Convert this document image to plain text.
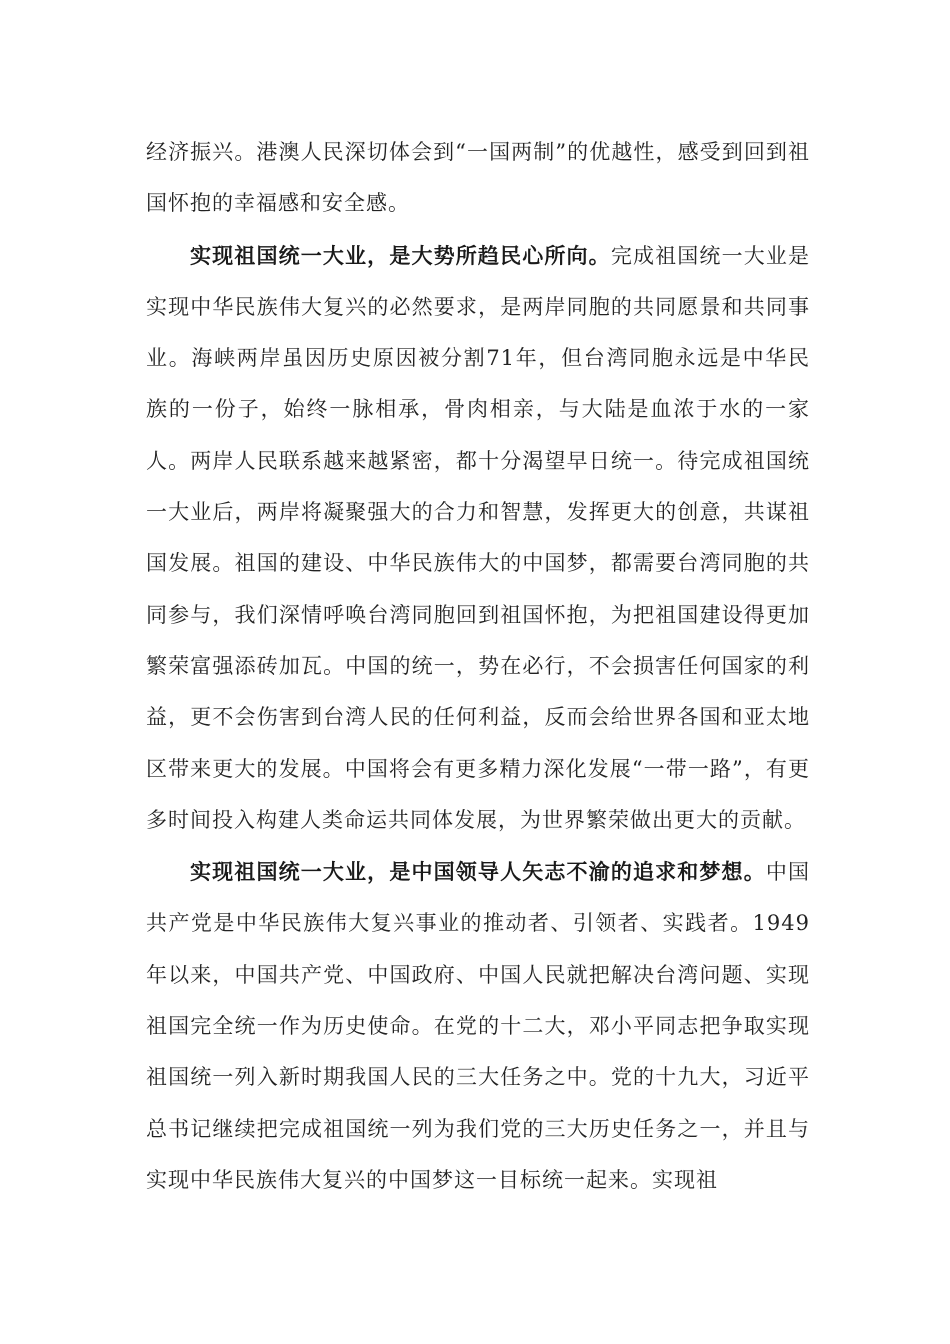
经济振兴。港澳人民深切体会到“一国两制”的优越性，感受到回到祖国怀抱的幸福感和安全感。

实现祖国统一大业，是大势所趋民心所向。完成祖国统一大业是实现中华民族伟大复兴的必然要求，是两岸同胞的共同愿景和共同事业。海峡两岸虽因历史原因被分割71年，但台湾同胞永远是中华民族的一份子，始终一脉相承，骨肉相亲，与大陆是血浓于水的一家人。两岸人民联系越来越紧密，都十分渴望早日统一。待完成祖国统一大业后，两岸将凝聚强大的合力和智慧，发挥更大的创意，共谋祖国发展。祖国的建设、中华民族伟大的中国梦，都需要台湾同胞的共同参与，我们深情呼唤台湾同胞回到祖国怀抱，为把祖国建设得更加繁荣富强添砖加瓦。中国的统一，势在必行，不会损害任何国家的利益，更不会伤害到台湾人民的任何利益，反而会给世界各国和亚太地区带来更大的发展。中国将会有更多精力深化发展“一带一路”，有更多时间投入构建人类命运共同体发展，为世界繁荣做出更大的贡献。

实现祖国统一大业，是中国领导人矢志不渝的追求和梦想。中国共产党是中华民族伟大复兴事业的推动者、引领者、实践者。1949年以来，中国共产党、中国政府、中国人民就把解决台湾问题、实现祖国完全统一作为历史使命。在党的十二大，邓小平同志把争取实现祖国统一列入新时期我国人民的三大任务之中。党的十九大，习近平总书记继续把完成祖国统一列为我们党的三大历史任务之一，并且与实现中华民族伟大复兴的中国梦这一目标统一起来。实现祖
